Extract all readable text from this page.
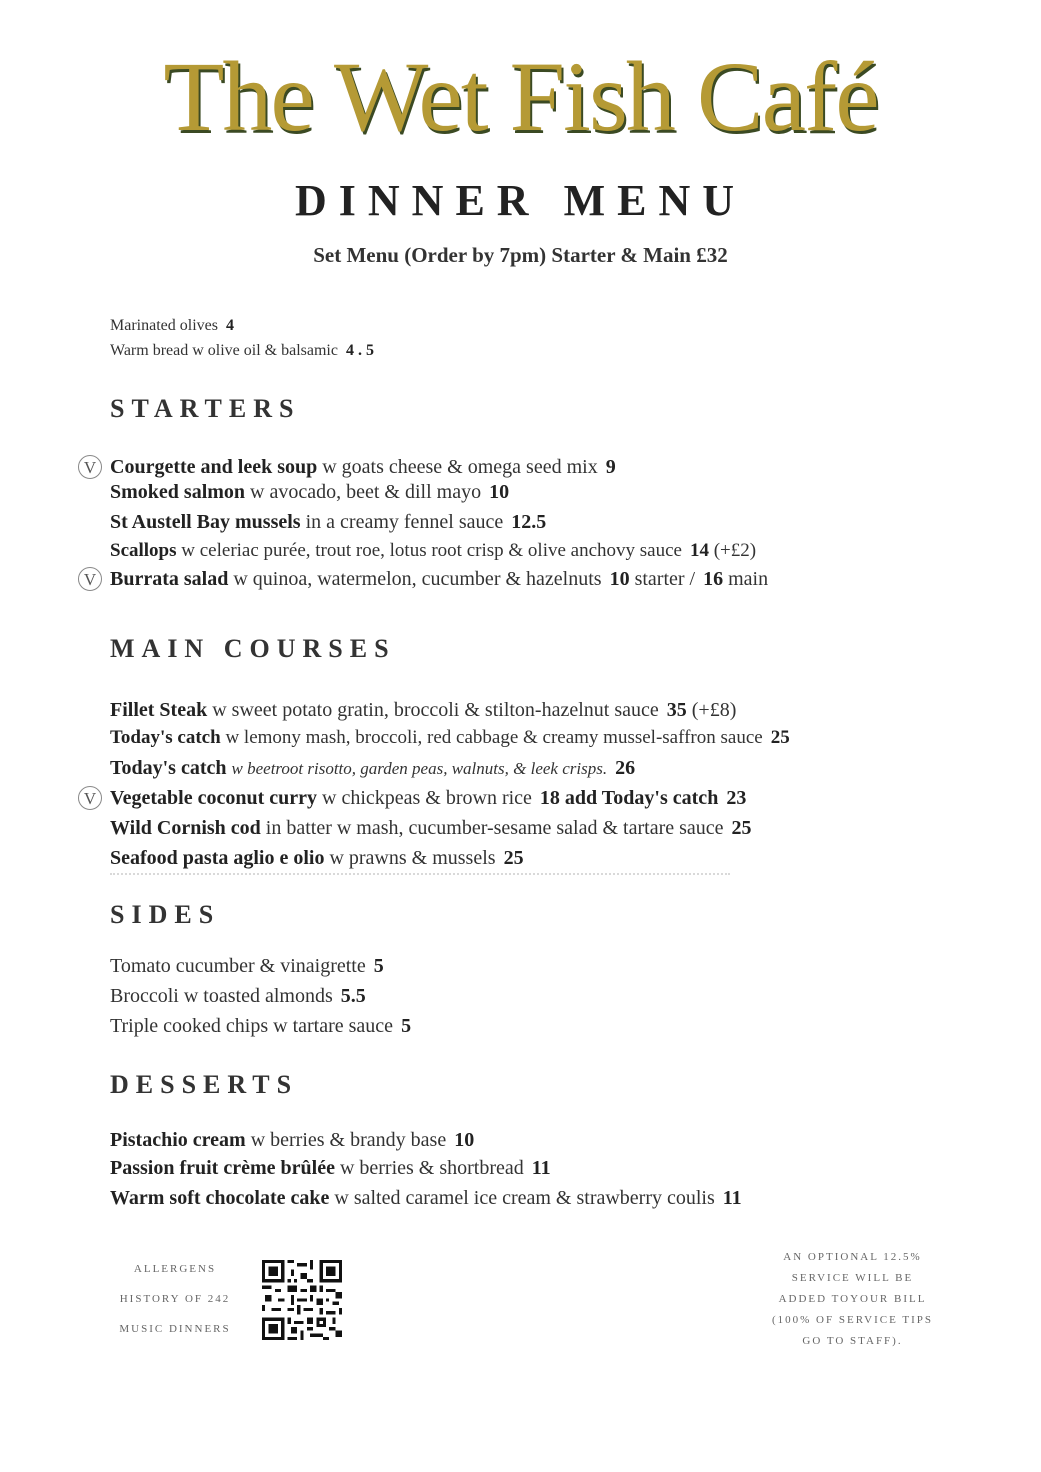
The Wet Fish Café
DINNER MENU
Set Menu (Order by 7pm) Starter & Main £32
Marinated olives 4
Warm bread w olive oil & balsamic 4 . 5
STARTERS
V Courgette and leek soup w goats cheese & omega seed mix 9
Smoked salmon w avocado, beet & dill mayo 10
St Austell Bay mussels in a creamy fennel sauce 12.5
Scallops w celeriac purée, trout roe, lotus root crisp & olive anchovy sauce 14 (+£2)
V Burrata salad w quinoa, watermelon, cucumber & hazelnuts 10 starter / 16 main
MAIN COURSES
Fillet Steak w sweet potato gratin, broccoli & stilton-hazelnut sauce 35 (+£8)
Today's catch w lemony mash, broccoli, red cabbage & creamy mussel-saffron sauce 25
Today's catch w beetroot risotto, garden peas, walnuts, & leek crisps. 26
V Vegetable coconut curry w chickpeas & brown rice 18 add Today's catch 23
Wild Cornish cod in batter w mash, cucumber-sesame salad & tartare sauce 25
Seafood pasta aglio e olio w prawns & mussels 25
SIDES
Tomato cucumber & vinaigrette 5
Broccoli w toasted almonds 5.5
Triple cooked chips w tartare sauce 5
DESSERTS
Pistachio cream w berries & brandy base 10
Passion fruit crème brûlée w berries & shortbread 11
Warm soft chocolate cake w salted caramel ice cream & strawberry coulis 11
ALLERGENS
HISTORY OF 242
MUSIC DINNERS
AN OPTIONAL 12.5%
SERVICE WILL BE
ADDED TOYOUR BILL
(100% OF SERVICE TIPS
GO TO STAFF).
